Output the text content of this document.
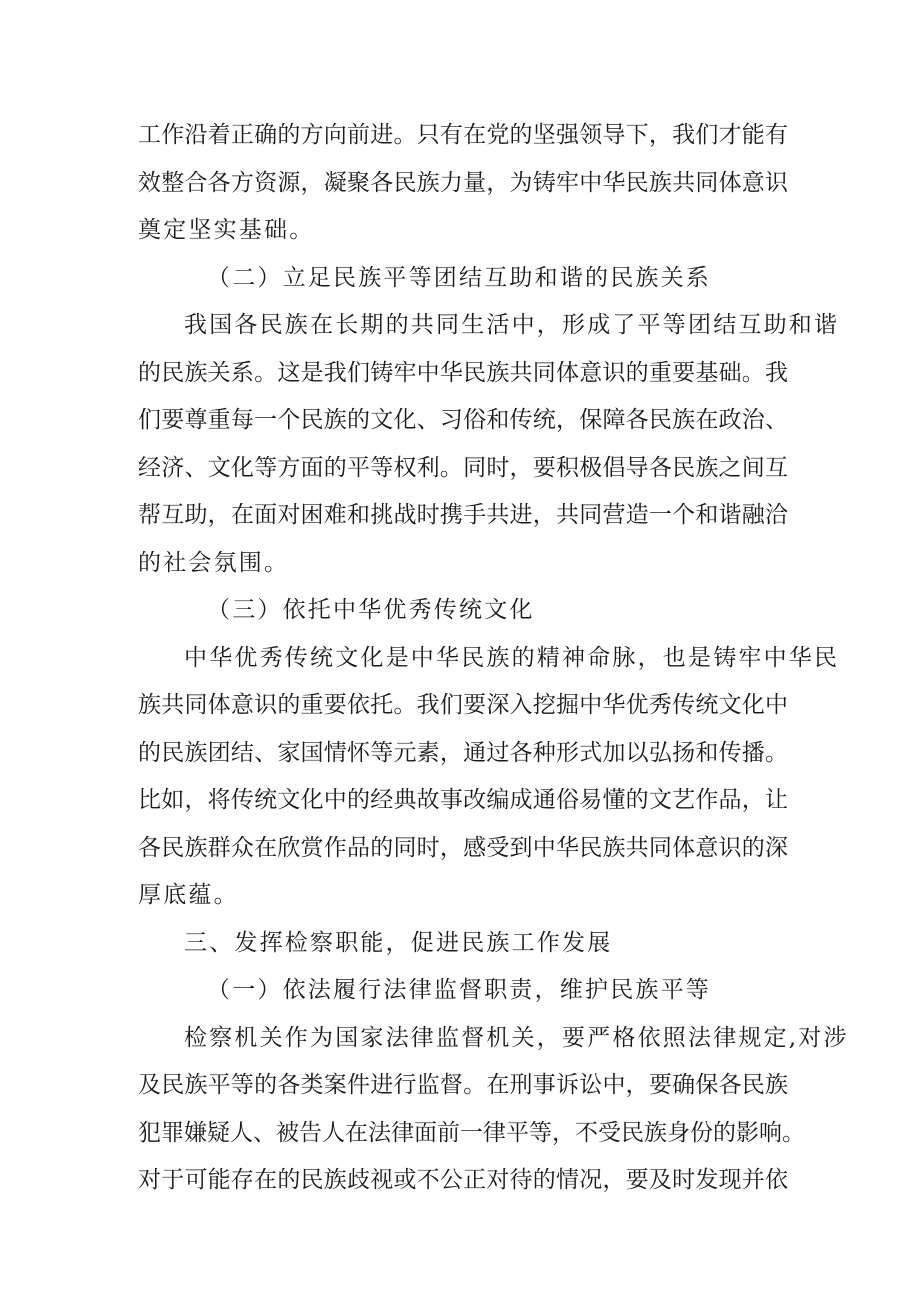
工作沿着正确的方向前进。只有在党的坚强领导下，我们才能有
效整合各方资源，凝聚各民族力量，为铸牢中华民族共同体意识
奠定坚实基础。
（二）立足民族平等团结互助和谐的民族关系
我国各民族在长期的共同生活中，形成了平等团结互助和谐
的民族关系。这是我们铸牢中华民族共同体意识的重要基础。我
们要尊重每一个民族的文化、习俗和传统，保障各民族在政治、
经济、文化等方面的平等权利。同时，要积极倡导各民族之间互
帮互助，在面对困难和挑战时携手共进，共同营造一个和谐融洽
的社会氛围。
（三）依托中华优秀传统文化
中华优秀传统文化是中华民族的精神命脉，也是铸牢中华民
族共同体意识的重要依托。我们要深入挖掘中华优秀传统文化中
的民族团结、家国情怀等元素，通过各种形式加以弘扬和传播。
比如，将传统文化中的经典故事改编成通俗易懂的文艺作品，让
各民族群众在欣赏作品的同时，感受到中华民族共同体意识的深
厚底蕴。
三、发挥检察职能，促进民族工作发展
（一）依法履行法律监督职责，维护民族平等
检察机关作为国家法律监督机关，要严格依照法律规定,对涉
及民族平等的各类案件进行监督。在刑事诉讼中，要确保各民族
犯罪嫌疑人、被告人在法律面前一律平等，不受民族身份的影响。
对于可能存在的民族歧视或不公正对待的情况，要及时发现并依
